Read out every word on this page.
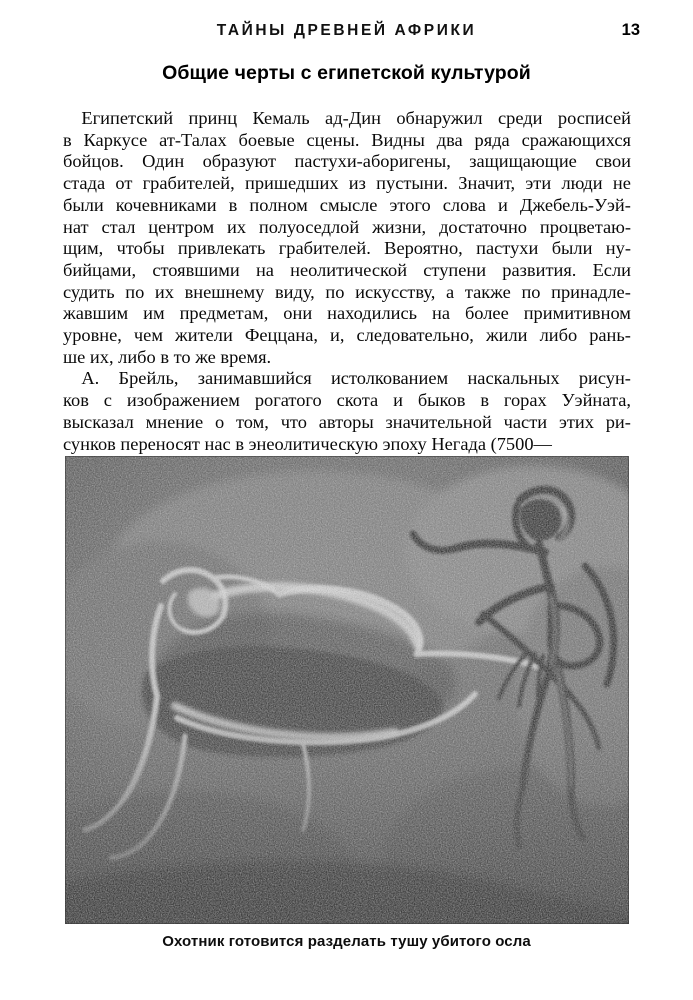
ТАЙНЫ ДРЕВНЕЙ АФРИКИ	13
Общие черты с египетской культурой
Египетский принц Кемаль ад-Дин обнаружил среди росписей
в Каркусе ат-Талах боевые сцены. Видны два ряда сражающихся
бойцов. Один образуют пастухи-аборигены, защищающие свои
стада от грабителей, пришедших из пустыни. Значит, эти люди не
были кочевниками в полном смысле этого слова и Джебель-Уэй-
нат стал центром их полуоседлой жизни, достаточно процветаю-
щим, чтобы привлекать грабителей. Вероятно, пастухи были ну-
бийцами, стоявшими на неолитической ступени развития. Если
судить по их внешнему виду, по искусству, а также по принадле-
жавшим им предметам, они находились на более примитивном
уровне, чем жители Феццана, и, следовательно, жили либо рань-
ше их, либо в то же время.
А. Брейль, занимавшийся истолкованием наскальных рисун-
ков с изображением рогатого скота и быков в горах Уэйната,
высказал мнение о том, что авторы значительной части этих ри-
сунков переносят нас в энеолитическую эпоху Негада (7500—
Охотник готовится разделать тушу убитого осла
